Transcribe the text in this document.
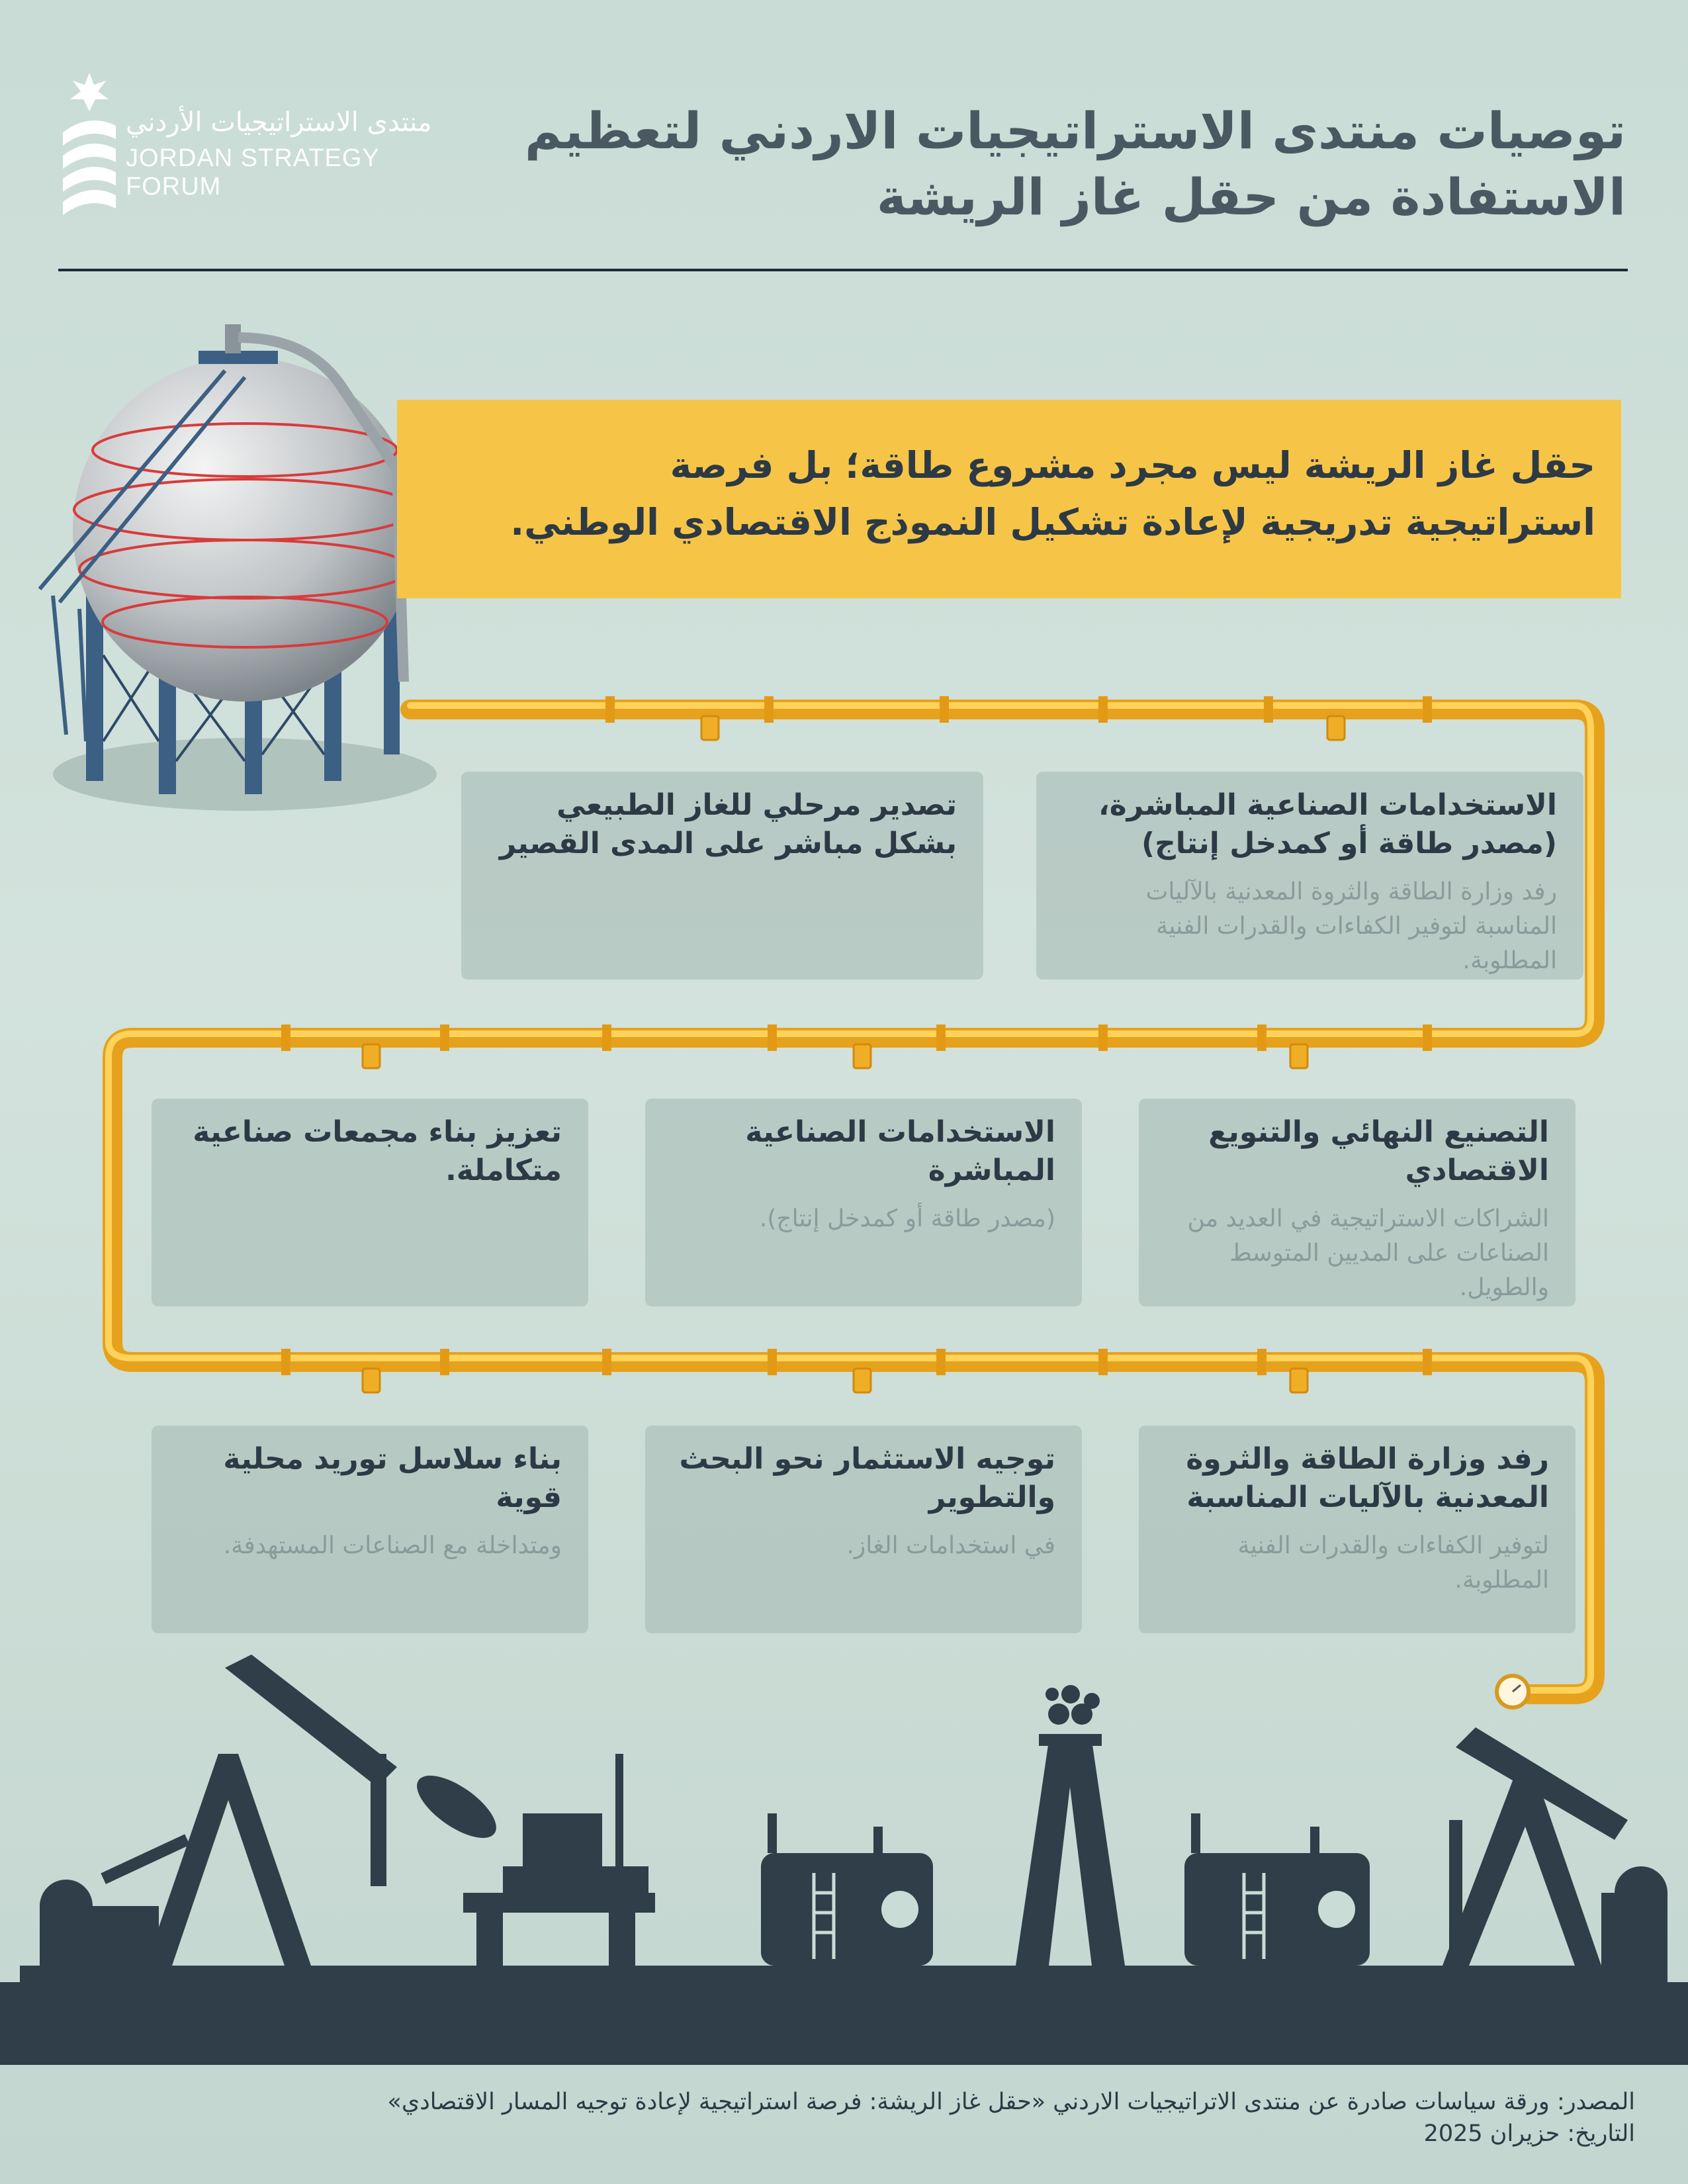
منتدى الاستراتيجيات الأردني
JORDAN STRATEGY FORUM
توصيات منتدى الاستراتيجيات الاردني لتعظيم
الاستفادة من حقل غاز الريشة
حقل غاز الريشة ليس مجرد مشروع طاقة؛ بل فرصة
استراتيجية تدريجية لإعادة تشكيل النموذج الاقتصادي الوطني.
الاستخدامات الصناعية المباشرة، (مصدر طاقة أو كمدخل إنتاج)
رفد وزارة الطاقة والثروة المعدنية بالآليات المناسبة لتوفير الكفاءات والقدرات الفنية المطلوبة.
تصدير مرحلي للغاز الطبيعي بشكل مباشر على المدى القصير
التصنيع النهائي والتنويع الاقتصادي
الشراكات الاستراتيجية في العديد من الصناعات على المديين المتوسط والطويل.
الاستخدامات الصناعية المباشرة
(مصدر طاقة أو كمدخل إنتاج).
تعزيز بناء مجمعات صناعية متكاملة.
رفد وزارة الطاقة والثروة المعدنية بالآليات المناسبة
لتوفير الكفاءات والقدرات الفنية المطلوبة.
توجيه الاستثمار نحو البحث والتطوير
في استخدامات الغاز.
بناء سلاسل توريد محلية قوية
ومتداخلة مع الصناعات المستهدفة.
المصدر: ورقة سياسات صادرة عن منتدى الاتراتيجيات الاردني «حقل غاز الريشة: فرصة استراتيجية لإعادة توجيه المسار الاقتصادي»
التاريخ: حزيران 2025
